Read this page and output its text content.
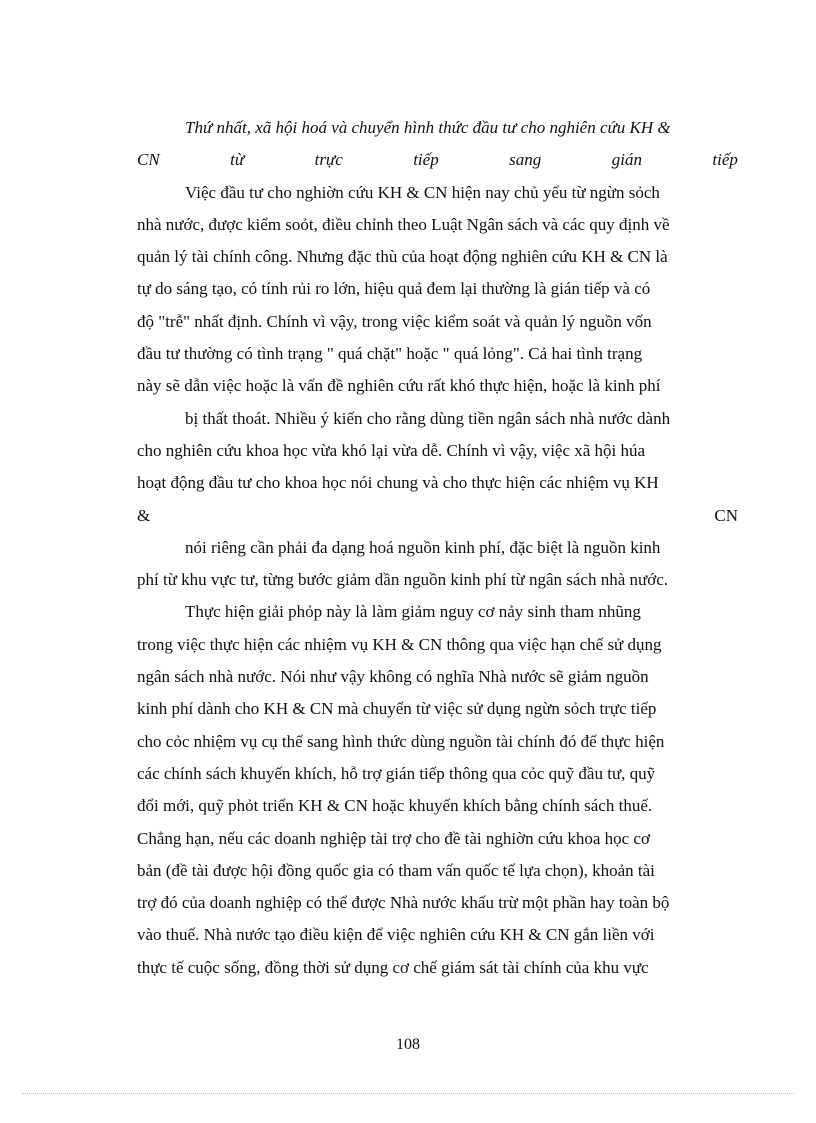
Thứ nhất, xã hội hoá và chuyển hình thức đầu tư cho nghiên cứu KH &
CN	từ	trực	tiếp	sang	gián	tiếp
Việc đầu tư cho nghiờn cứu KH & CN hiện nay chủ yếu từ ngừn sỏch
nhà nước, được kiểm soỏt, điều chỉnh theo Luật Ngân sách và các quy định về
quản lý tài chính công. Nhưng đặc thù của hoạt động nghiên cứu KH & CN là
tự do sáng tạo, có tính rủi ro lớn, hiệu quả đem lại thường là gián tiếp và có
độ "trễ" nhất định. Chính vì vậy, trong việc kiểm soát và quản lý nguồn vốn
đầu tư thường có tình trạng " quá chặt" hoặc " quá lỏng". Cả hai tình trạng
này sẽ dẫn việc hoặc là vấn đề nghiên cứu rất khó thực hiện, hoặc là kinh phí
bị thất thoát. Nhiều ý kiến cho rằng dùng tiền ngân sách nhà nước dành
cho nghiên cứu khoa học vừa khó lại vừa dễ. Chính vì vậy, việc xã hội húa
hoạt động đầu tư cho khoa học nói chung và cho thực hiện các nhiệm vụ KH
&	CN
nói riêng cần phải đa dạng hoá nguồn kinh phí, đặc biệt là nguồn kinh
phí từ khu vực tư, từng bước giảm dần nguồn kinh phí từ ngân sách nhà nước.
Thực hiện giải phỏp này là làm giảm nguy cơ nảy sinh tham nhũng
trong việc thực hiện các nhiệm vụ KH & CN thông qua việc hạn chế sử dụng
ngân sách nhà nước. Nói như vậy không có nghĩa Nhà nước sẽ giảm nguồn
kinh phí dành cho KH & CN mà chuyển từ việc sử dụng ngừn sỏch trực tiếp
cho cỏc nhiệm vụ cụ thể sang hình thức dùng nguồn tài chính đó để thực hiện
các chính sách khuyến khích, hỗ trợ gián tiếp thông qua cỏc quỹ đầu tư, quỹ
đổi mới, quỹ phỏt triển KH & CN hoặc khuyến khích bằng chính sách thuế.
Chẳng hạn, nếu các doanh nghiệp tài trợ cho đề tài nghiờn cứu khoa học cơ
bản (đề tài được hội đồng quốc gia có tham vấn quốc tế lựa chọn), khoản tài
trợ đó của doanh nghiệp có thể được Nhà nước khấu trừ một phần hay toàn bộ
vào thuế. Nhà nước tạo điều kiện để việc nghiên cứu KH & CN gắn liền với
thực tế cuộc sống, đồng thời sử dụng cơ chế giám sát tài chính của khu vực
108
